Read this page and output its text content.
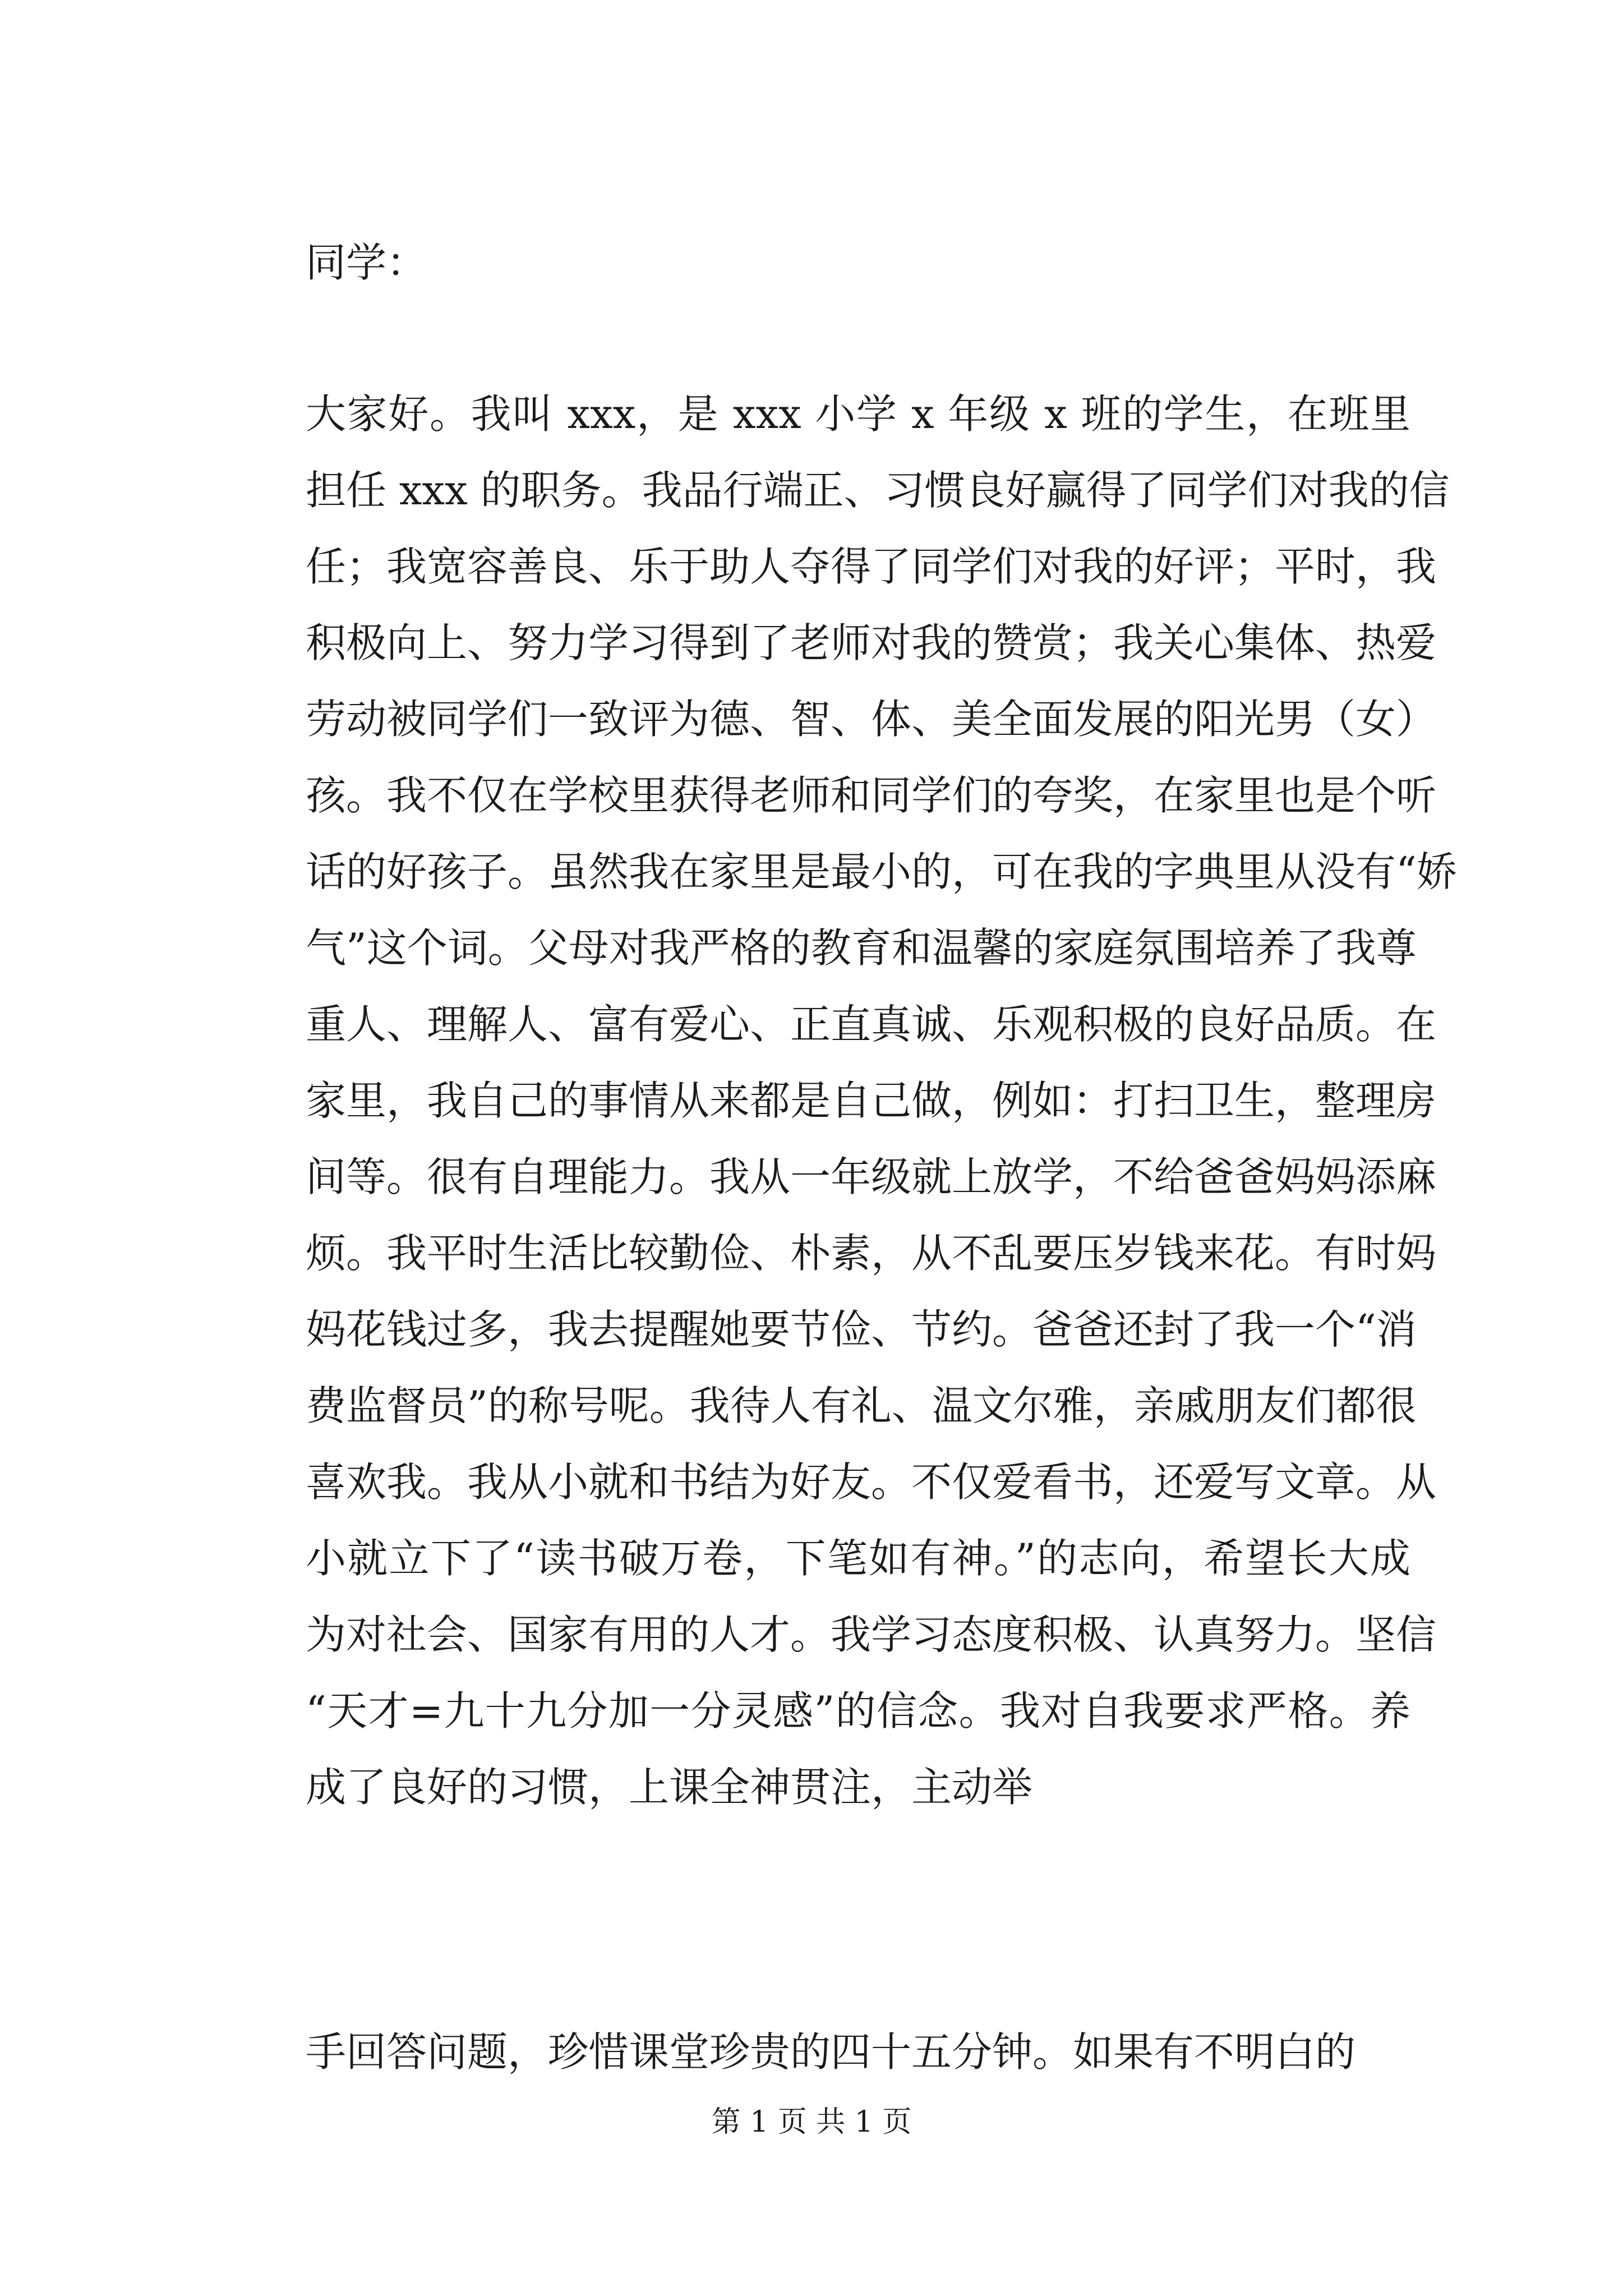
同学：

大家好。我叫 xxx，是 xxx 小学 x 年级 x 班的学生，在班里
担任 xxx 的职务。我品行端正、习惯良好赢得了同学们对我的信
任；我宽容善良、乐于助人夺得了同学们对我的好评；平时，我
积极向上、努力学习得到了老师对我的赞赏；我关心集体、热爱
劳动被同学们一致评为德、智、体、美全面发展的阳光男（女）
孩。我不仅在学校里获得老师和同学们的夸奖，在家里也是个听
话的好孩子。虽然我在家里是最小的，可在我的字典里从没有“娇
气”这个词。父母对我严格的教育和温馨的家庭氛围培养了我尊
重人、理解人、富有爱心、正直真诚、乐观积极的良好品质。在
家里，我自己的事情从来都是自己做，例如：打扫卫生，整理房
间等。很有自理能力。我从一年级就上放学，不给爸爸妈妈添麻
烦。我平时生活比较勤俭、朴素，从不乱要压岁钱来花。有时妈
妈花钱过多，我去提醒她要节俭、节约。爸爸还封了我一个“消
费监督员”的称号呢。我待人有礼、温文尔雅，亲戚朋友们都很
喜欢我。我从小就和书结为好友。不仅爱看书，还爱写文章。从
小就立下了“读书破万卷，下笔如有神。”的志向，希望长大成
为对社会、国家有用的人才。我学习态度积极、认真努力。坚信
“天才=九十九分加一分灵感”的信念。我对自我要求严格。养
成了良好的习惯，上课全神贯注，主动举

手回答问题，珍惜课堂珍贵的四十五分钟。如果有不明白的

第 1 页 共 1 页
